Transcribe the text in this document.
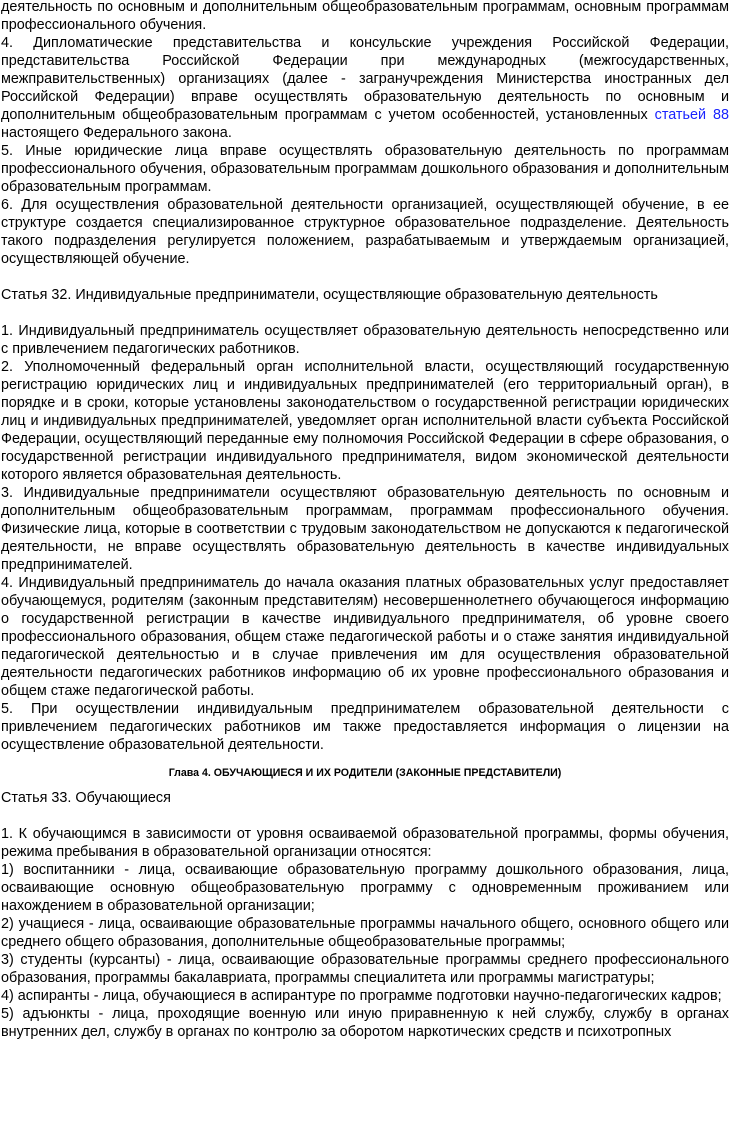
деятельность по основным и дополнительным общеобразовательным программам, основным программам профессионального обучения.

4. Дипломатические представительства и консульские учреждения Российской Федерации, представительства Российской Федерации при международных (межгосударственных, межправительственных) организациях (далее - загранучреждения Министерства иностранных дел Российской Федерации) вправе осуществлять образовательную деятельность по основным и дополнительным общеобразовательным программам с учетом особенностей, установленных статьей 88 настоящего Федерального закона.

5. Иные юридические лица вправе осуществлять образовательную деятельность по программам профессионального обучения, образовательным программам дошкольного образования и дополнительным образовательным программам.

6. Для осуществления образовательной деятельности организацией, осуществляющей обучение, в ее структуре создается специализированное структурное образовательное подразделение. Деятельность такого подразделения регулируется положением, разрабатываемым и утверждаемым организацией, осуществляющей обучение.

Статья 32. Индивидуальные предприниматели, осуществляющие образовательную деятельность

1. Индивидуальный предприниматель осуществляет образовательную деятельность непосредственно или с привлечением педагогических работников.

2. Уполномоченный федеральный орган исполнительной власти, осуществляющий государственную регистрацию юридических лиц и индивидуальных предпринимателей (его территориальный орган), в порядке и в сроки, которые установлены законодательством о государственной регистрации юридических лиц и индивидуальных предпринимателей, уведомляет орган исполнительной власти субъекта Российской Федерации, осуществляющий переданные ему полномочия Российской Федерации в сфере образования, о государственной регистрации индивидуального предпринимателя, видом экономической деятельности которого является образовательная деятельность.

3. Индивидуальные предприниматели осуществляют образовательную деятельность по основным и дополнительным общеобразовательным программам, программам профессионального обучения. Физические лица, которые в соответствии с трудовым законодательством не допускаются к педагогической деятельности, не вправе осуществлять образовательную деятельность в качестве индивидуальных предпринимателей.

4. Индивидуальный предприниматель до начала оказания платных образовательных услуг предоставляет обучающемуся, родителям (законным представителям) несовершеннолетнего обучающегося информацию о государственной регистрации в качестве индивидуального предпринимателя, об уровне своего профессионального образования, общем стаже педагогической работы и о стаже занятия индивидуальной педагогической деятельностью и в случае привлечения им для осуществления образовательной деятельности педагогических работников информацию об их уровне профессионального образования и общем стаже педагогической работы.

5. При осуществлении индивидуальным предпринимателем образовательной деятельности с привлечением педагогических работников им также предоставляется информация о лицензии на осуществление образовательной деятельности.

Глава 4. ОБУЧАЮЩИЕСЯ И ИХ РОДИТЕЛИ (ЗАКОННЫЕ ПРЕДСТАВИТЕЛИ)

Статья 33. Обучающиеся

1. К обучающимся в зависимости от уровня осваиваемой образовательной программы, формы обучения, режима пребывания в образовательной организации относятся:

1) воспитанники - лица, осваивающие образовательную программу дошкольного образования, лица, осваивающие основную общеобразовательную программу с одновременным проживанием или нахождением в образовательной организации;

2) учащиеся - лица, осваивающие образовательные программы начального общего, основного общего или среднего общего образования, дополнительные общеобразовательные программы;

3) студенты (курсанты) - лица, осваивающие образовательные программы среднего профессионального образования, программы бакалавриата, программы специалитета или программы магистратуры;

4) аспиранты - лица, обучающиеся в аспирантуре по программе подготовки научно-педагогических кадров;

5) адъюнкты - лица, проходящие военную или иную приравненную к ней службу, службу в органах внутренних дел, службу в органах по контролю за оборотом наркотических средств и психотропных
